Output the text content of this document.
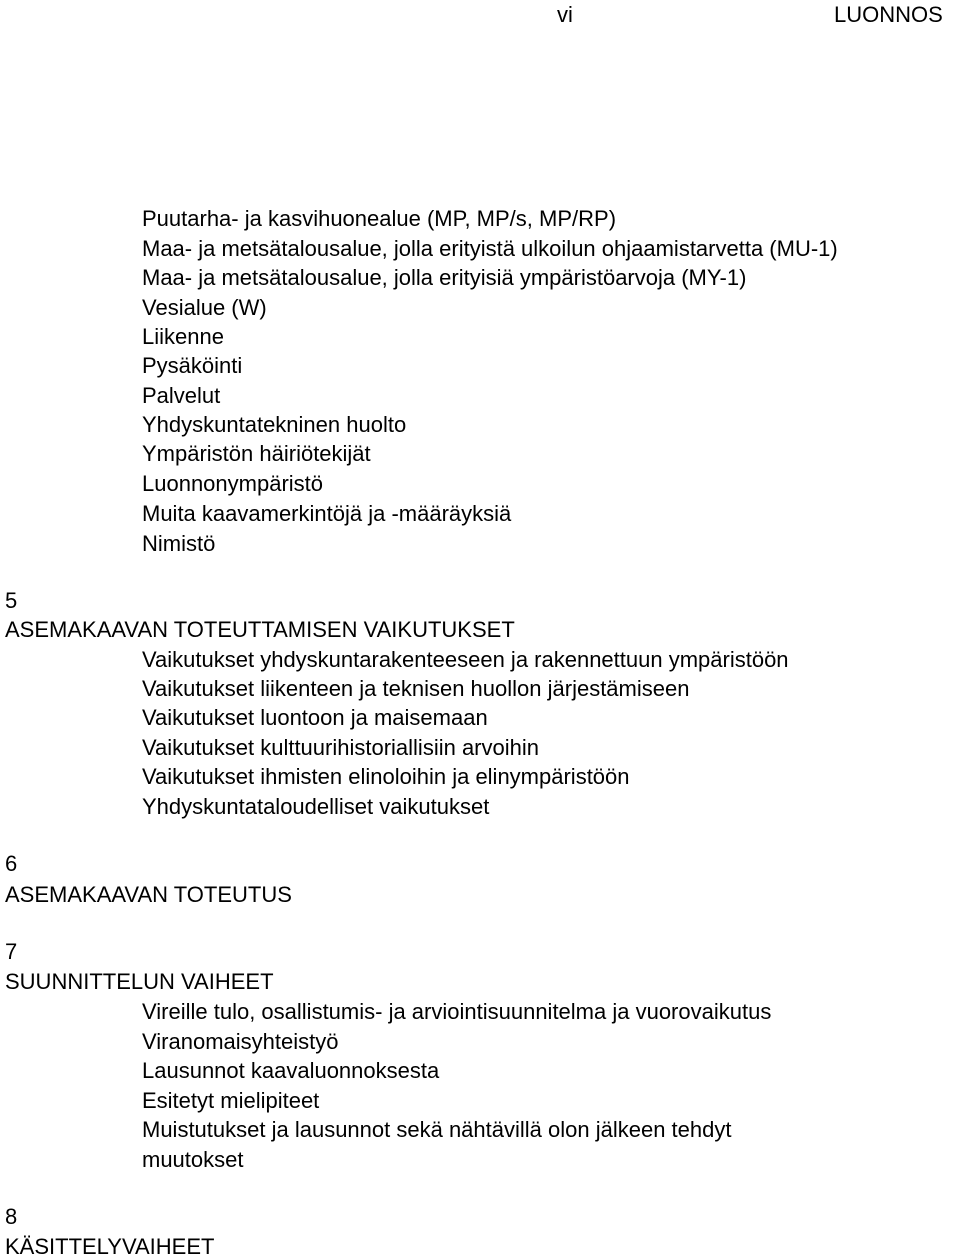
vi	LUONNOS
Puutarha- ja kasvihuonealue (MP, MP/s, MP/RP)
Maa- ja metsätalousalue, jolla erityistä ulkoilun ohjaamistarvetta (MU-1)
Maa- ja metsätalousalue, jolla erityisiä ympäristöarvoja (MY-1)
Vesialue (W)
Liikenne
Pysäköinti
Palvelut
Yhdyskuntatekninen huolto
Ympäristön häiriötekijät
Luonnonympäristö
Muita kaavamerkintöjä ja -määräyksiä
Nimistö
5
ASEMAKAAVAN TOTEUTTAMISEN VAIKUTUKSET
Vaikutukset yhdyskuntarakenteeseen ja rakennettuun ympäristöön
Vaikutukset liikenteen ja teknisen huollon järjestämiseen
Vaikutukset luontoon ja maisemaan
Vaikutukset kulttuurihistoriallisiin arvoihin
Vaikutukset ihmisten elinoloihin ja elinympäristöön
Yhdyskuntataloudelliset vaikutukset
6
ASEMAKAAVAN TOTEUTUS
7
SUUNNITTELUN VAIHEET
Vireille tulo, osallistumis- ja arviointisuunnitelma ja vuorovaikutus
Viranomaisyhteistyö
Lausunnot kaavaluonnoksesta
Esitetyt mielipiteet
Muistutukset ja lausunnot sekä nähtävillä olon jälkeen tehdyt
muutokset
8
KÄSITTELYVAIHEET
